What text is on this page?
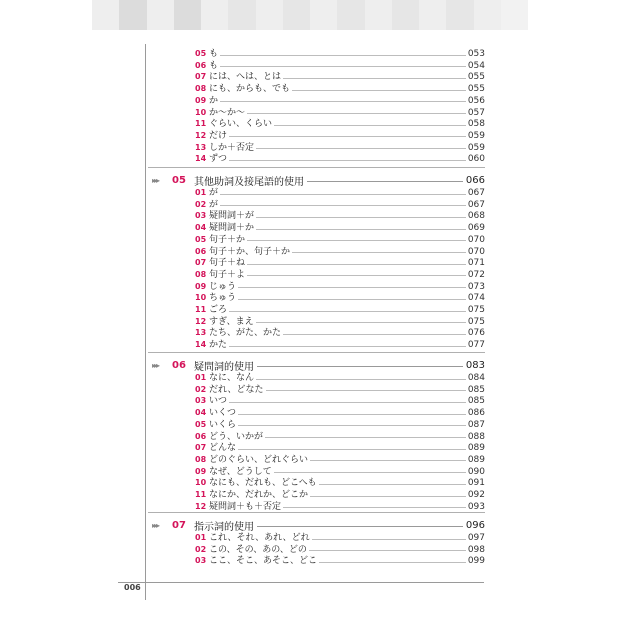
05 も	053
06 も	054
07 には、へは、とは	055
08 にも、からも、でも	055
09 か	056
10 か〜か〜	057
11 ぐらい、くらい	058
12 だけ	059
13 しか＋否定	059
14 ずつ	060
▸▸▸	05 其他助詞及接尾語的使用	066
01 が	067
02 が	067
03 疑問詞＋が	068
04 疑問詞＋か	069
05 句子＋か	070
06 句子＋か、句子＋か	070
07 句子＋ね	071
08 句子＋よ	072
09 じゅう	073
10 ちゅう	074
11 ごろ	075
12 すぎ、まえ	075
13 たち、がた、かた	076
14 かた	077
▸▸▸	06 疑問詞的使用	083
01 なに、なん	084
02 だれ、どなた	085
03 いつ	085
04 いくつ	086
05 いくら	087
06 どう、いかが	088
07 どんな	089
08 どのぐらい、どれぐらい	089
09 なぜ、どうして	090
10 なにも、だれも、どこへも	091
11 なにか、だれか、どこか	092
12 疑問詞＋も＋否定	093
▸▸▸	07 指示詞的使用	096
01 これ、それ、あれ、どれ	097
02 この、その、あの、どの	098
03 ここ、そこ、あそこ、どこ	099
006
